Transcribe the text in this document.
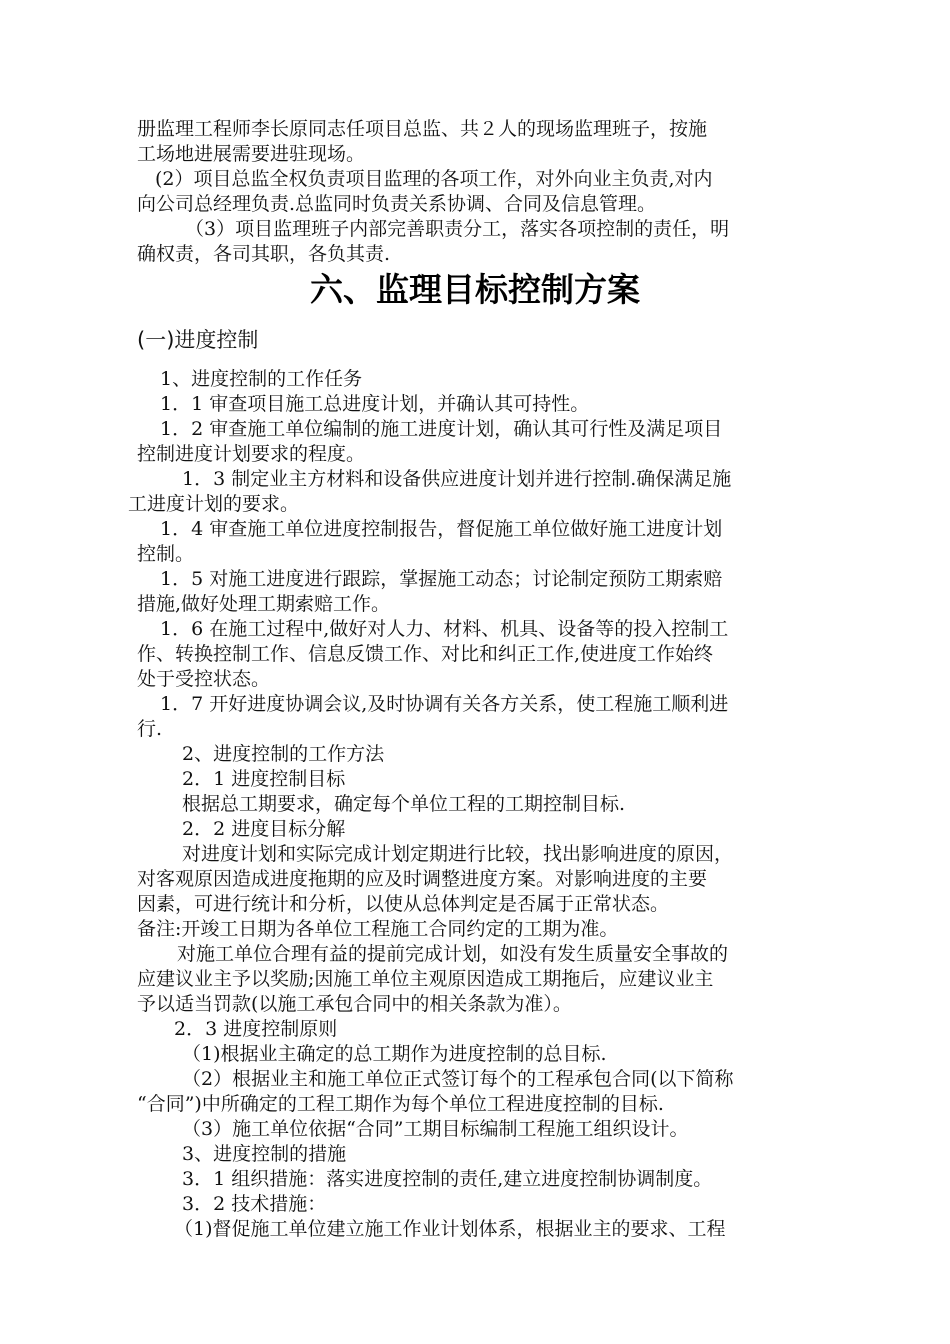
册监理工程师李长原同志任项目总监、共２人的现场监理班子，按施
工场地进展需要进驻现场。
(2）项目总监全权负责项目监理的各项工作，对外向业主负责,对内
向公司总经理负责.总监同时负责关系协调、合同及信息管理。
（3）项目监理班子内部完善职责分工，落实各项控制的责任，明
确权责，各司其职，各负其责.
六、监理目标控制方案
(一)进度控制
1、进度控制的工作任务
1．1 审查项目施工总进度计划，并确认其可持性。
1．2 审查施工单位编制的施工进度计划，确认其可行性及满足项目
控制进度计划要求的程度。
1．3 制定业主方材料和设备供应进度计划并进行控制.确保满足施
工进度计划的要求。
1．4 审查施工单位进度控制报告，督促施工单位做好施工进度计划
控制。
1．5 对施工进度进行跟踪，掌握施工动态；讨论制定预防工期索赔
措施,做好处理工期索赔工作。
1．6 在施工过程中,做好对人力、材料、机具、设备等的投入控制工
作、转换控制工作、信息反馈工作、对比和纠正工作,使进度工作始终
处于受控状态。
1．7 开好进度协调会议,及时协调有关各方关系，使工程施工顺利进
行.
2、进度控制的工作方法
2．1 进度控制目标
根据总工期要求，确定每个单位工程的工期控制目标.
2．2 进度目标分解
对进度计划和实际完成计划定期进行比较，找出影响进度的原因，
对客观原因造成进度拖期的应及时调整进度方案。对影响进度的主要
因素，可进行统计和分析，以使从总体判定是否属于正常状态。
备注:开竣工日期为各单位工程施工合同约定的工期为准。
对施工单位合理有益的提前完成计划，如没有发生质量安全事故的
应建议业主予以奖励;因施工单位主观原因造成工期拖后，应建议业主
予以适当罚款(以施工承包合同中的相关条款为准）。
2．3 进度控制原则
（1)根据业主确定的总工期作为进度控制的总目标.
（2）根据业主和施工单位正式签订每个的工程承包合同(以下简称
“合同”)中所确定的工程工期作为每个单位工程进度控制的目标.
（3）施工单位依据“合同”工期目标编制工程施工组织设计。
3、进度控制的措施
3．1 组织措施：落实进度控制的责任,建立进度控制协调制度。
3．2 技术措施：
（1)督促施工单位建立施工作业计划体系，根据业主的要求、工程
